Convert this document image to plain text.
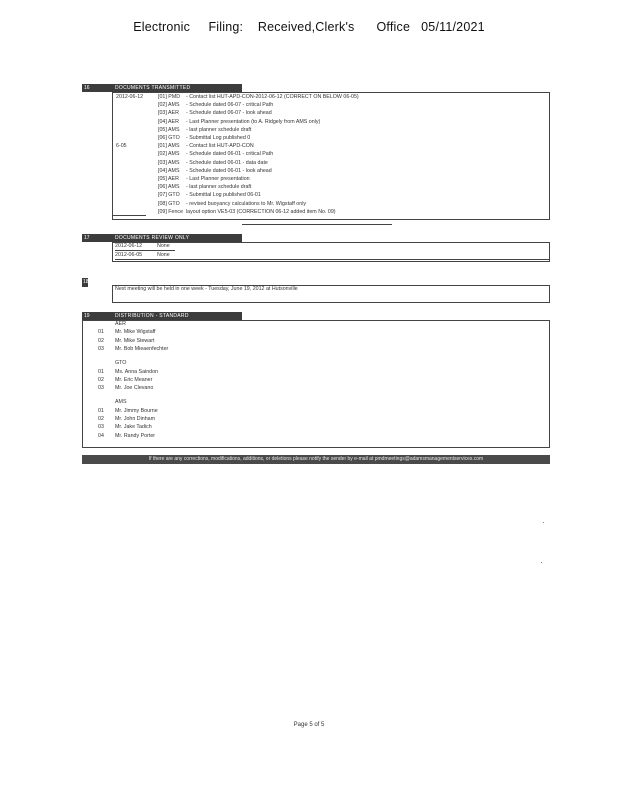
Electronic     Filing:    Received,Clerk's      Office   05/11/2021
16	DOCUMENTS TRANSMITTED
2012-06-12	[01] PMD - Contact list HUT-APD-CON-2012-06-12 (CORRECT ON BELOW 06-05)
[02] AMS - Schedule dated 06-07 - critical Path
[03] AER - Schedule dated 06-07 - look ahead
[04] AER - Last Planner presentation (to A. Ridgely from AMS only)
[05] AMS - last planner schedule draft
[06] GTO - Submittal Log published 0
6-05	[01] AMS - Contact list HUT-APD-CON
[02] AMS - Schedule dated 06-01 - critical Path
[03] AMS - Schedule dated 06-01 - data date
[04] AMS - Schedule dated 06-01 - look ahead
[05] AER - Last Planner presentation
[06] AMS - last planner schedule draft
[07] GTO - Submittal Log published 06-01
[08] GTO - revised buoyancy calculations to Mr. Wigstaff only
[09] Fence layout option VE5-03 (CORRECTION 06-12 added item No. 09)
17	DOCUMENTS REVIEW ONLY
2012-06-12	None
2012-06-05	None
18
Next meeting will be held in one week - Tuesday, June 19, 2012 at Hutsonville
19	DISTRIBUTION - STANDARD
AER
01 Mr. Mike Wigstaff
02 Mr. Mike Stewart
03 Mr. Bob Mieaenfechter
GTO
01 Ms. Anna Saindon
02 Mr. Eric Meaner
03 Mr. Joe Clevano
AMS
01 Mr. Jimmy Bourne
02 Mr. John Dinham
03 Mr. Jake Tadich
04 Mr. Randy Porter
If there are any corrections, modifications, additions, or deletions please notify the sender by e-mail at pmdmeetings@adamsmanagementservices.com
Page 5 of 5
